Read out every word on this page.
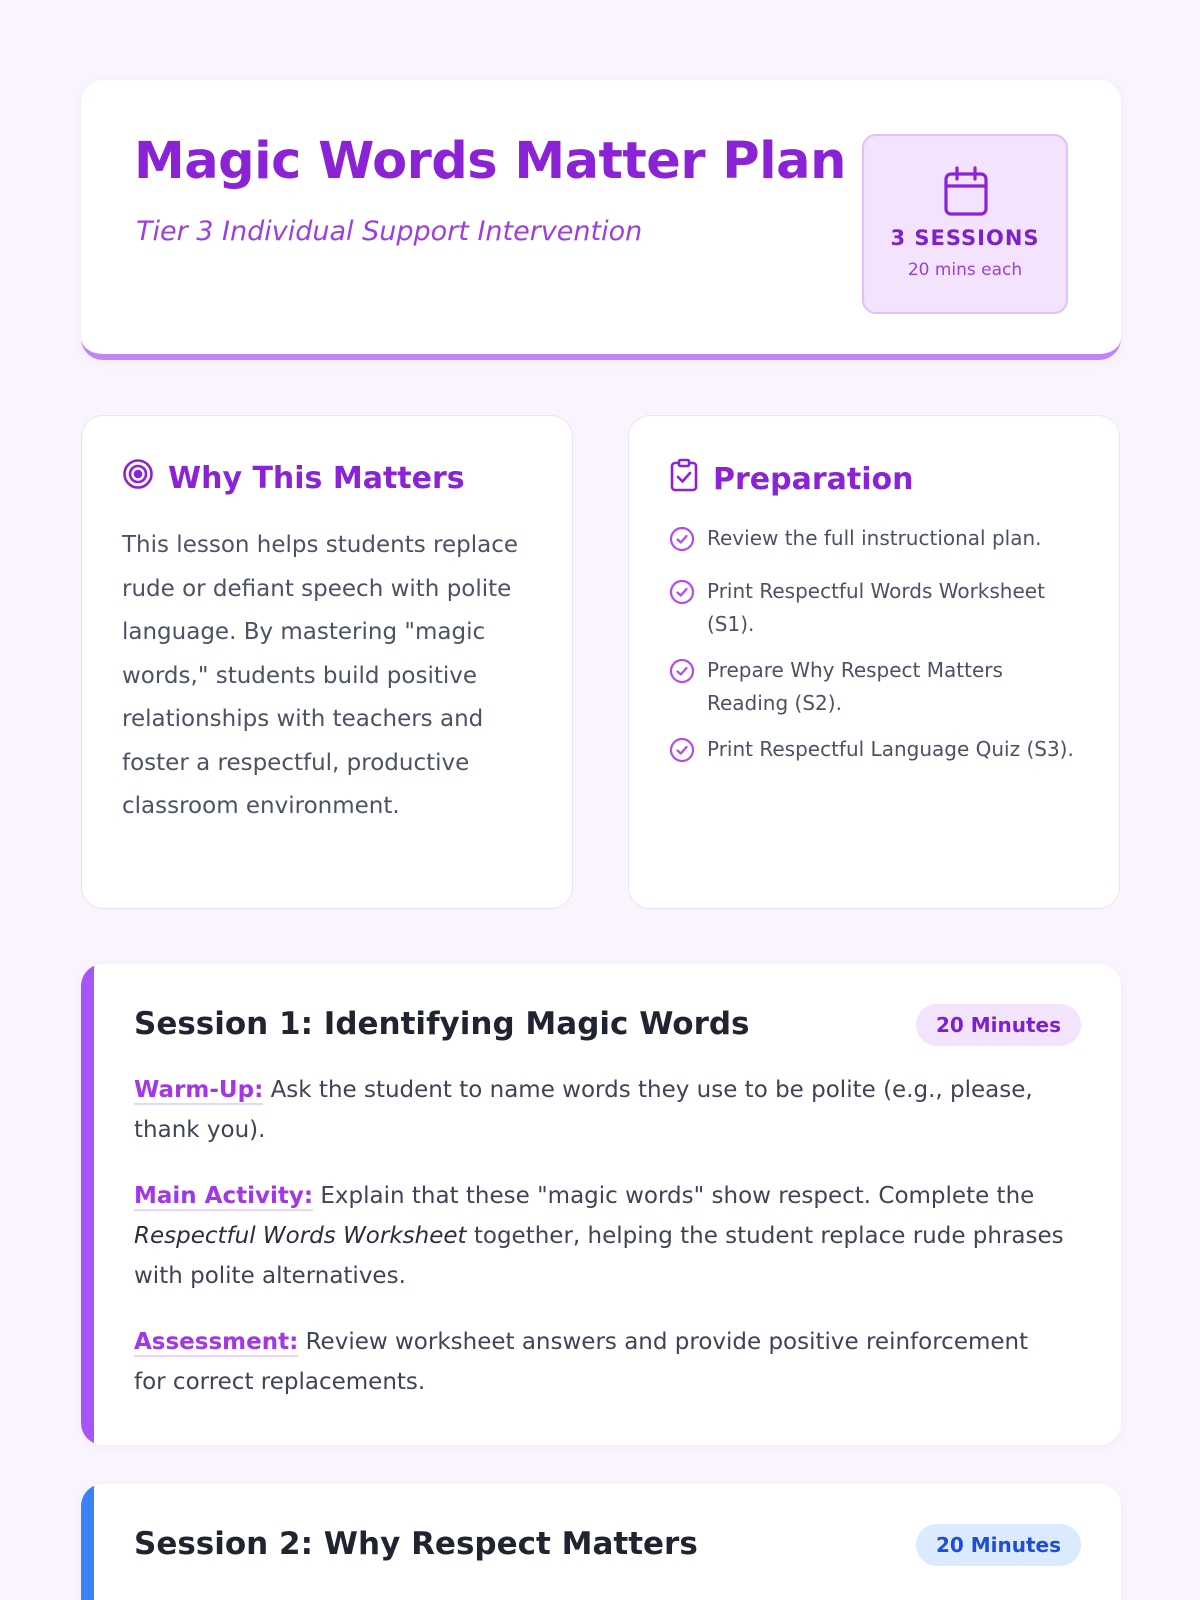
Magic Words Matter Plan
Tier 3 Individual Support Intervention	3 SESSIONS
20 mins each
Why This Matters

This lesson helps students replace rude or defiant speech with polite language. By mastering "magic words," students build positive relationships with teachers and foster a respectful, productive classroom environment.

Preparation
Review the full instructional plan.
Print Respectful Words Worksheet (S1).
Prepare Why Respect Matters Reading (S2).
Print Respectful Language Quiz (S3).
Session 1: Identifying Magic Words	20 Minutes

Warm-Up: Ask the student to name words they use to be polite (e.g., please, thank you).

Main Activity: Explain that these "magic words" show respect. Complete the Respectful Words Worksheet together, helping the student replace rude phrases with polite alternatives.

Assessment: Review worksheet answers and provide positive reinforcement for correct replacements.

Session 2: Why Respect Matters	20 Minutes
